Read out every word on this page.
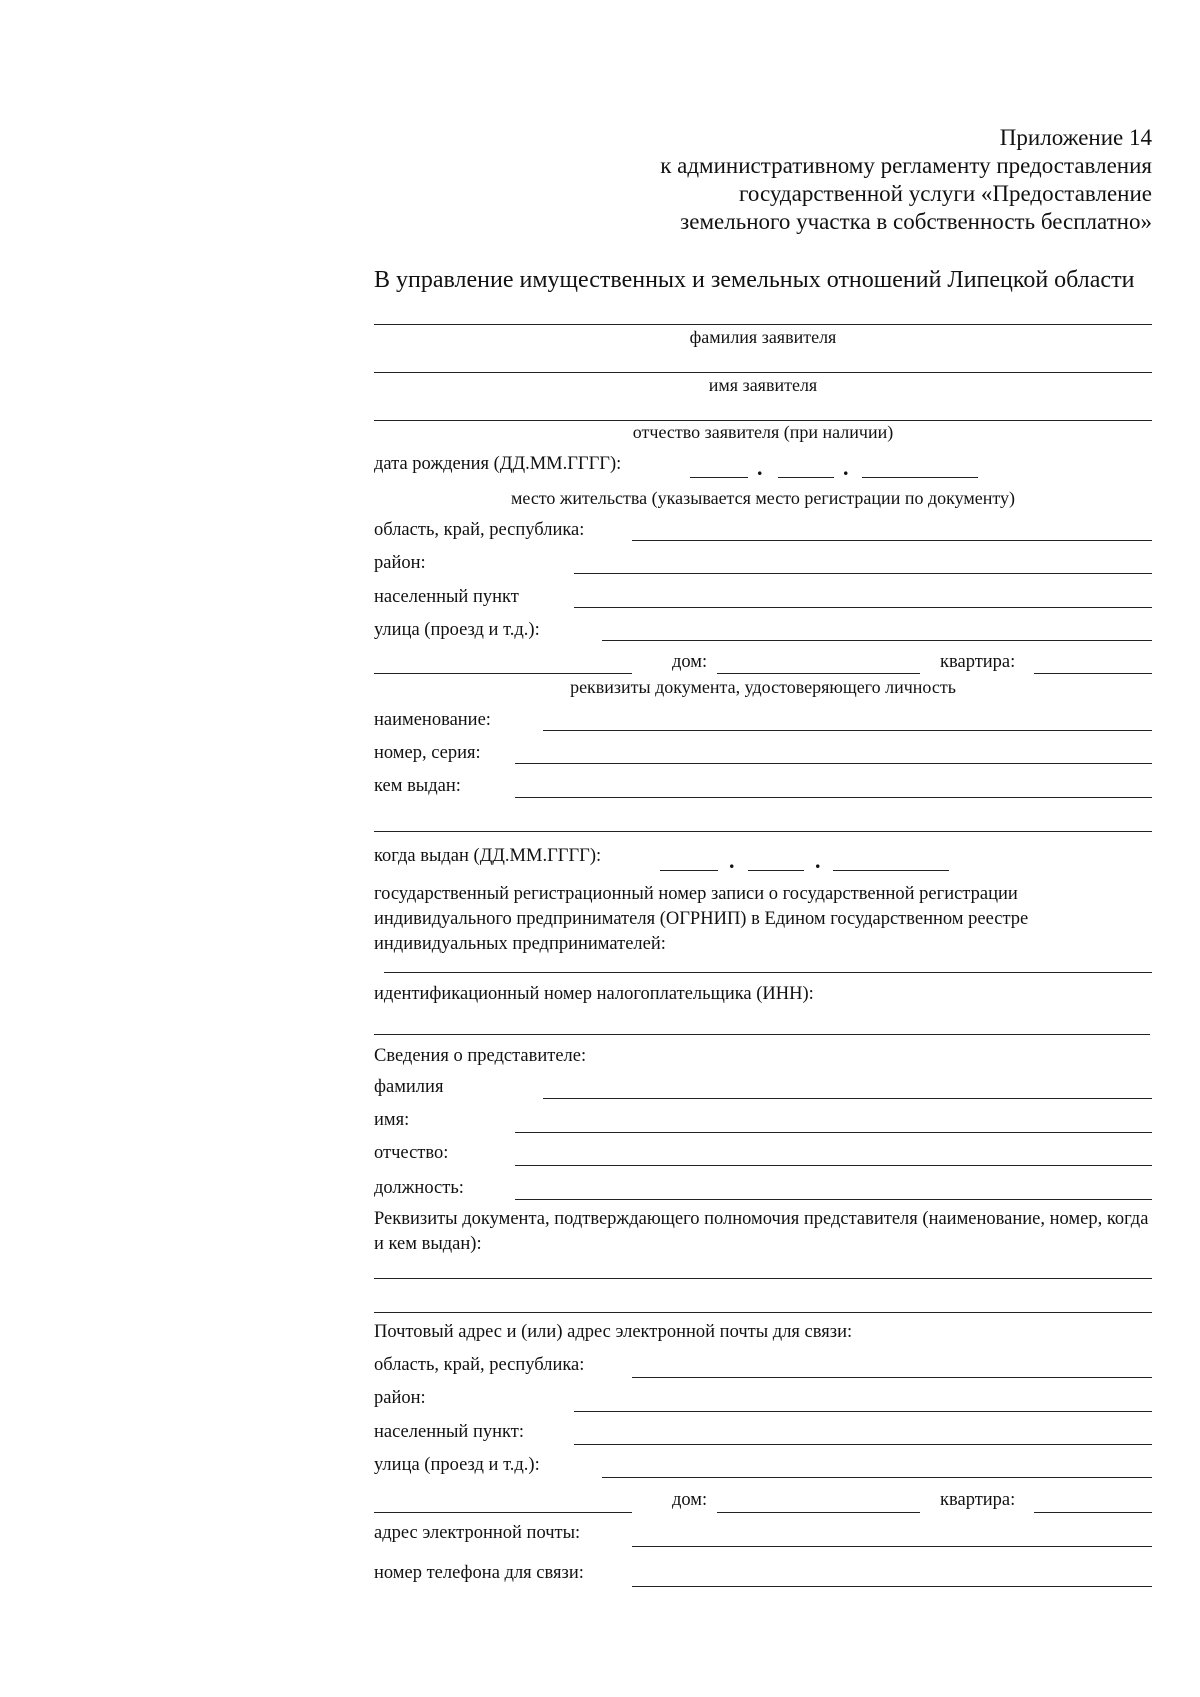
Приложение 14
к административному регламенту предоставления
государственной услуги «Предоставление
земельного участка в собственность бесплатно»
В управление имущественных и земельных отношений Липецкой области
фамилия заявителя
имя заявителя
отчество заявителя (при наличии)
дата рождения (ДД.ММ.ГГГГ):	.	.
место жительства (указывается место регистрации по документу)
область, край, республика:
район:
населенный пункт
улица (проезд и т.д.):
дом:	квартира:
реквизиты документа, удостоверяющего личность
наименование:
номер, серия:
кем выдан:
когда выдан (ДД.ММ.ГГГГ):	.	.
государственный регистрационный номер записи о государственной регистрации индивидуального предпринимателя (ОГРНИП) в Едином государственном реестре индивидуальных предпринимателей:
идентификационный номер налогоплательщика (ИНН):
Сведения о представителе:
фамилия
имя:
отчество:
должность:
Реквизиты документа, подтверждающего полномочия представителя (наименование, номер, когда и кем выдан):
Почтовый адрес и (или) адрес электронной почты для связи:
область, край, республика:
район:
населенный пункт:
улица (проезд и т.д.):
дом:	квартира:
адрес электронной почты:
номер телефона для связи:
